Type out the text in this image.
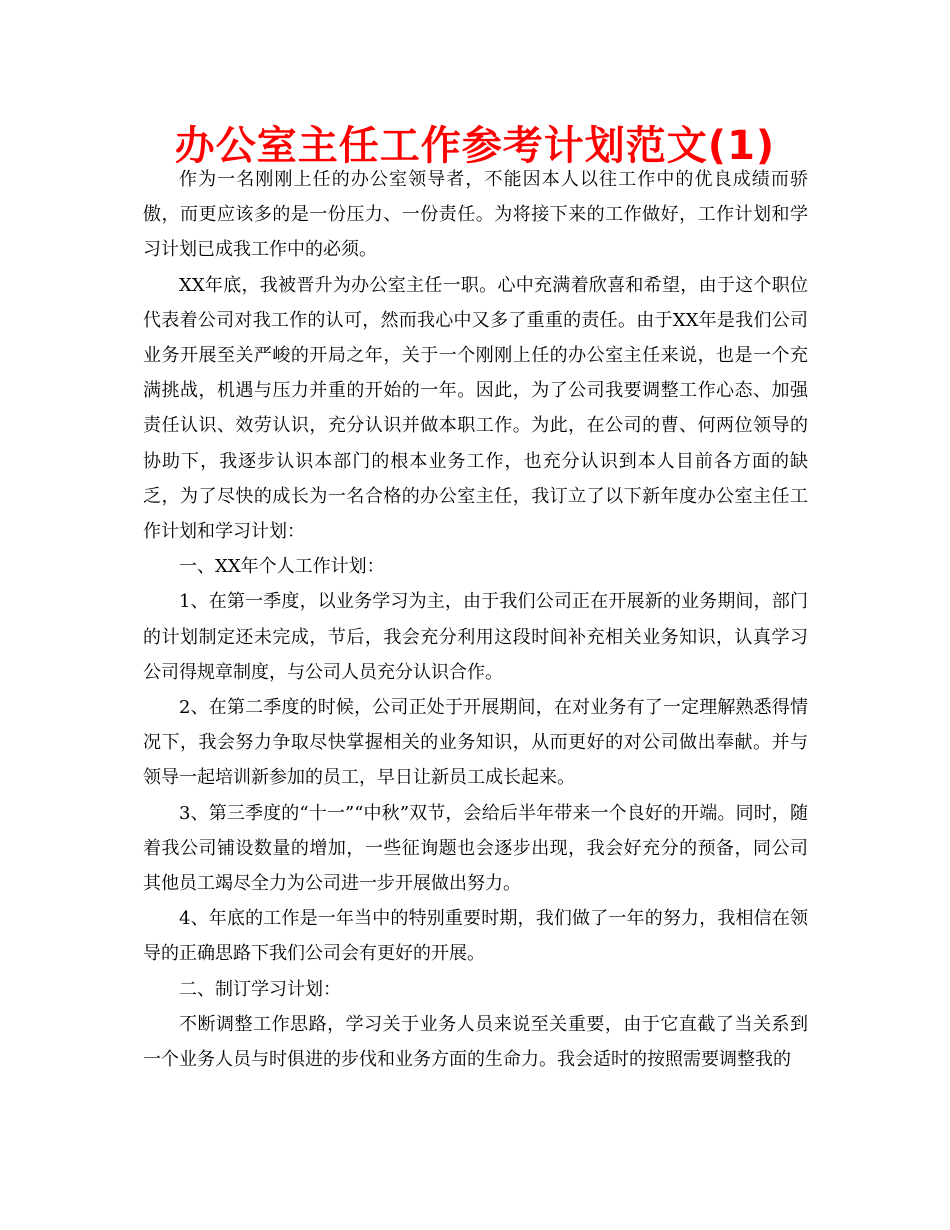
办公室主任工作参考计划范文(1)

作为一名刚刚上任的办公室领导者，不能因本人以往工作中的优良成绩而骄傲，而更应该多的是一份压力、一份责任。为将接下来的工作做好，工作计划和学习计划已成我工作中的必须。

XX年底，我被晋升为办公室主任一职。心中充满着欣喜和希望，由于这个职位代表着公司对我工作的认可，然而我心中又多了重重的责任。由于XX年是我们公司业务开展至关严峻的开局之年，关于一个刚刚上任的办公室主任来说，也是一个充满挑战，机遇与压力并重的开始的一年。因此，为了公司我要调整工作心态、加强责任认识、效劳认识，充分认识并做本职工作。为此，在公司的曹、何两位领导的协助下，我逐步认识本部门的根本业务工作，也充分认识到本人目前各方面的缺乏，为了尽快的成长为一名合格的办公室主任，我订立了以下新年度办公室主任工作计划和学习计划：

一、XX年个人工作计划：

1、在第一季度，以业务学习为主，由于我们公司正在开展新的业务期间，部门的计划制定还未完成，节后，我会充分利用这段时间补充相关业务知识，认真学习公司得规章制度，与公司人员充分认识合作。

2、在第二季度的时候，公司正处于开展期间，在对业务有了一定理解熟悉得情况下，我会努力争取尽快掌握相关的业务知识，从而更好的对公司做出奉献。并与领导一起培训新参加的员工，早日让新员工成长起来。

3、第三季度的“十一”“中秋”双节，会给后半年带来一个良好的开端。同时，随着我公司铺设数量的增加，一些征询题也会逐步出现，我会好充分的预备，同公司其他员工竭尽全力为公司进一步开展做出努力。

4、年底的工作是一年当中的特别重要时期，我们做了一年的努力，我相信在领导的正确思路下我们公司会有更好的开展。

二、制订学习计划：

不断调整工作思路，学习关于业务人员来说至关重要，由于它直截了当关系到一个业务人员与时俱进的步伐和业务方面的生命力。我会适时的按照需要调整我的
